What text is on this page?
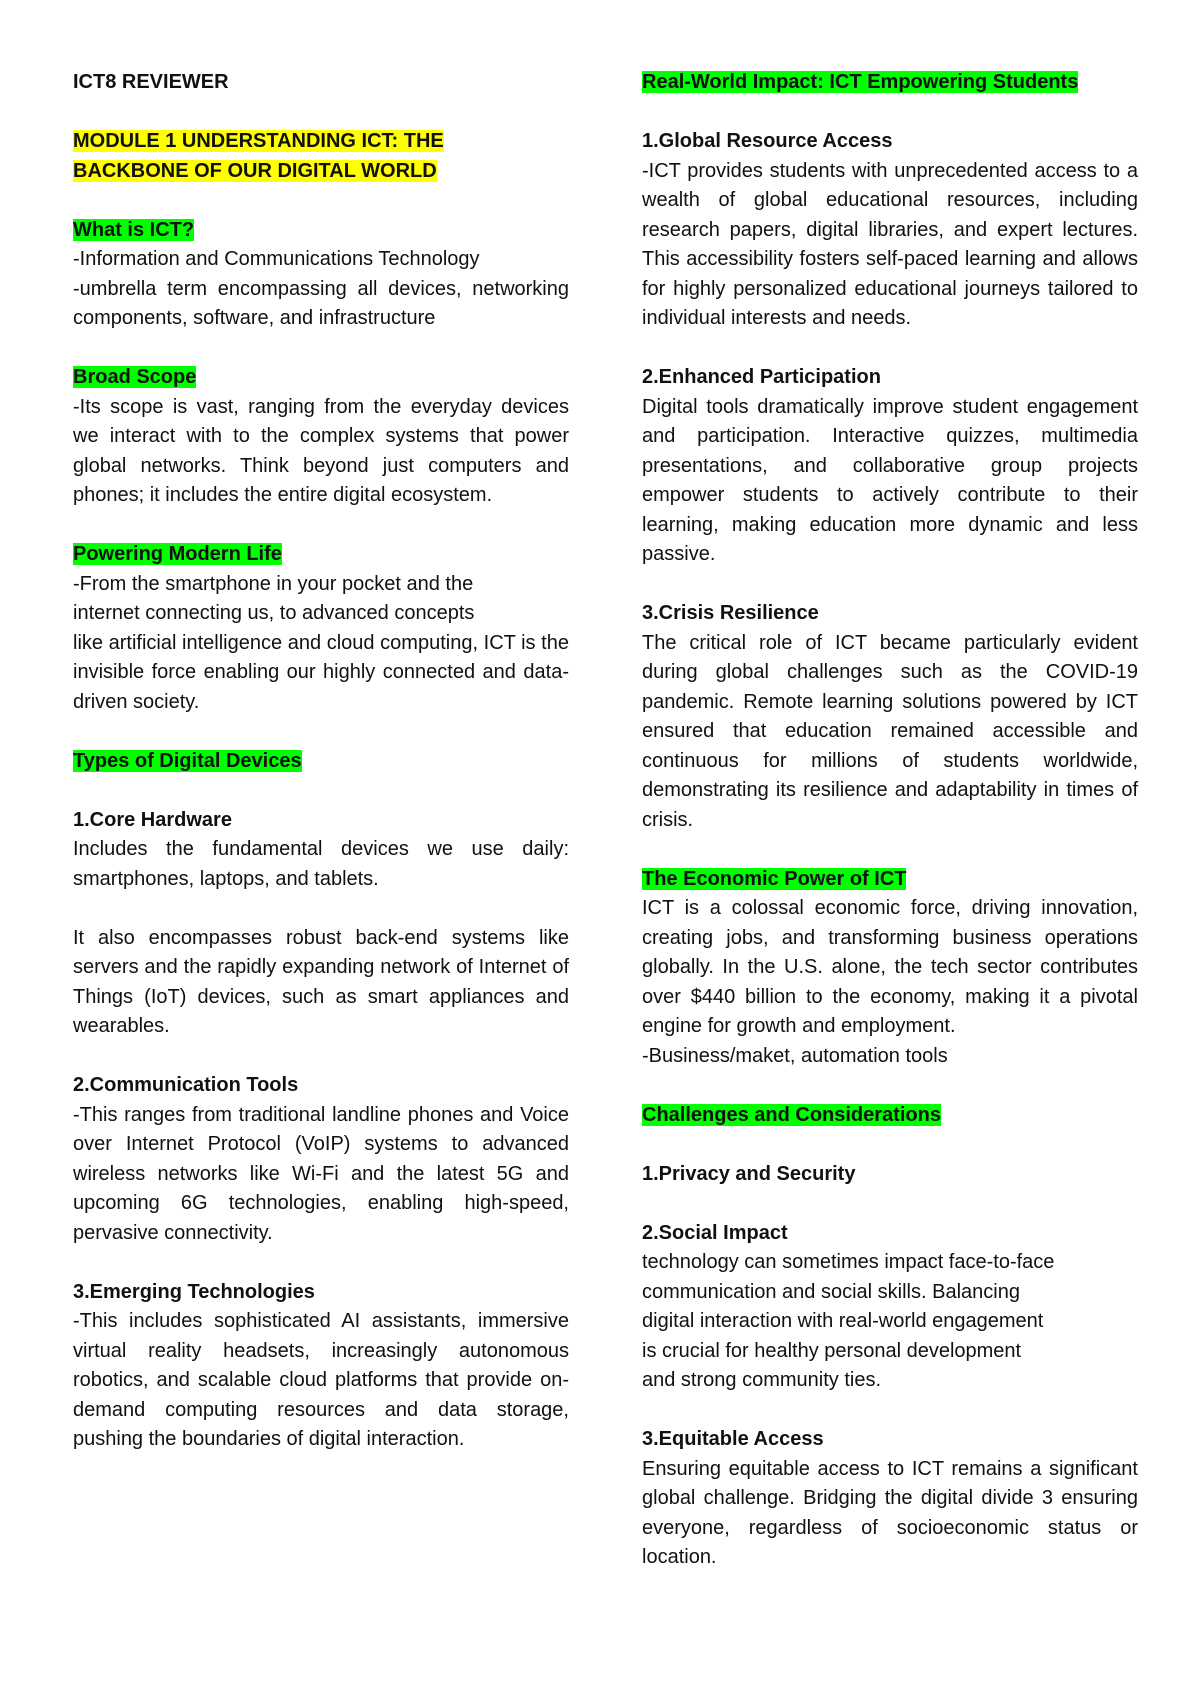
ICT8 REVIEWER

MODULE 1 UNDERSTANDING ICT: THE
BACKBONE OF OUR DIGITAL WORLD

What is ICT?

-Information and Communications Technology

-umbrella term encompassing all devices, networking components, software, and infrastructure

Broad Scope

-Its scope is vast, ranging from the everyday devices we interact with to the complex systems that power global networks. Think beyond just computers and phones; it includes the entire digital ecosystem.

Powering Modern Life

-From the smartphone in your pocket and the

internet connecting us, to advanced concepts

like artificial intelligence and cloud computing, ICT is the invisible force enabling our highly connected and data-driven society.

Types of Digital Devices

1.Core Hardware

Includes the fundamental devices we use daily: smartphones, laptops, and tablets.

It also encompasses robust back-end systems like servers and the rapidly expanding network of Internet of Things (IoT) devices, such as smart appliances and wearables.

2.Communication Tools

-This ranges from traditional landline phones and Voice over Internet Protocol (VoIP) systems to advanced wireless networks like Wi-Fi and the latest 5G and upcoming 6G technologies, enabling high-speed, pervasive connectivity.

3.Emerging Technologies

-This includes sophisticated AI assistants, immersive virtual reality headsets, increasingly autonomous robotics, and scalable cloud platforms that provide on-demand computing resources and data storage, pushing the boundaries of digital interaction.

Real-World Impact: ICT Empowering Students

1.Global Resource Access

-ICT provides students with unprecedented access to a wealth of global educational resources, including research papers, digital libraries, and expert lectures. This accessibility fosters self-paced learning and allows for highly personalized educational journeys tailored to individual interests and needs.

2.Enhanced Participation

Digital tools dramatically improve student engagement and participation. Interactive quizzes, multimedia presentations, and collaborative group projects empower students to actively contribute to their learning, making education more dynamic and less passive.

3.Crisis Resilience

The critical role of ICT became particularly evident during global challenges such as the COVID-19 pandemic. Remote learning solutions powered by ICT ensured that education remained accessible and continuous for millions of students worldwide, demonstrating its resilience and adaptability in times of crisis.

The Economic Power of ICT

ICT is a colossal economic force, driving innovation, creating jobs, and transforming business operations globally. In the U.S. alone, the tech sector contributes over $440 billion to the economy, making it a pivotal engine for growth and employment.

-Business/maket, automation tools

Challenges and Considerations

1.Privacy and Security

2.Social Impact

technology can sometimes impact face-to-face

communication and social skills. Balancing

digital interaction with real-world engagement

is crucial for healthy personal development

and strong community ties.

3.Equitable Access

Ensuring equitable access to ICT remains a significant global challenge. Bridging the digital divide 3 ensuring everyone, regardless of socioeconomic status or location.
